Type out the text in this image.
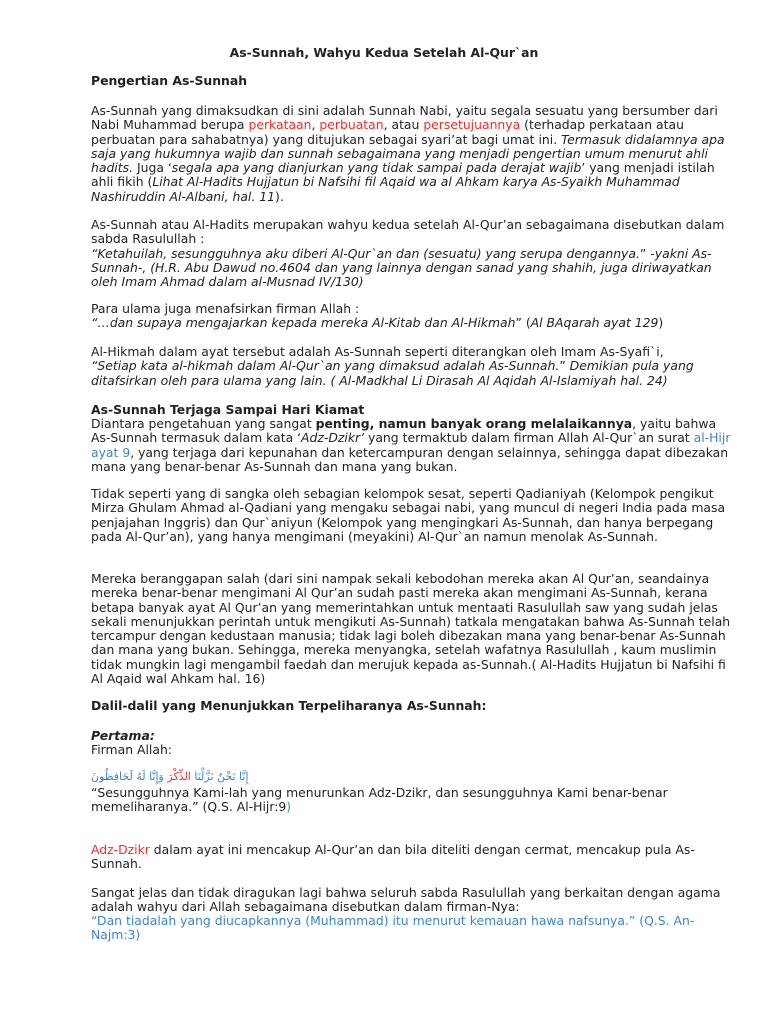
As-Sunnah, Wahyu Kedua Setelah Al-Qur`an
Pengertian As-Sunnah

As-Sunnah yang dimaksudkan di sini adalah Sunnah Nabi, yaitu segala sesuatu yang bersumber dari Nabi Muhammad berupa perkataan, perbuatan, atau persetujuannya (terhadap perkataan atau perbuatan para sahabatnya) yang ditujukan sebagai syari’at bagi umat ini. Termasuk didalamnya apa saja yang hukumnya wajib dan sunnah sebagaimana yang menjadi pengertian umum menurut ahli hadits. Juga ‘segala apa yang dianjurkan yang tidak sampai pada derajat wajib’ yang menjadi istilah ahli fikih (Lihat Al-Hadits Hujjatun bi Nafsihi fil Aqaid wa al Ahkam karya As-Syaikh Muhammad Nashiruddin Al-Albani, hal. 11).

As-Sunnah atau Al-Hadits merupakan wahyu kedua setelah Al-Qur’an sebagaimana disebutkan dalam sabda Rasulullah :
“Ketahuilah, sesungguhnya aku diberi Al-Qur`an dan (sesuatu) yang serupa dengannya.” -yakni As-Sunnah-, (H.R. Abu Dawud no.4604 dan yang lainnya dengan sanad yang shahih, juga diriwayatkan oleh Imam Ahmad dalam al-Musnad IV/130)

Para ulama juga menafsirkan firman Allah :
“…dan supaya mengajarkan kepada mereka Al-Kitab dan Al-Hikmah” (Al BAqarah ayat 129)

Al-Hikmah dalam ayat tersebut adalah As-Sunnah seperti diterangkan oleh Imam As-Syafi`i,
“Setiap kata al-hikmah dalam Al-Qur`an yang dimaksud adalah As-Sunnah.” Demikian pula yang ditafsirkan oleh para ulama yang lain. ( Al-Madkhal Li Dirasah Al Aqidah Al-Islamiyah hal. 24)

As-Sunnah Terjaga Sampai Hari Kiamat

Diantara pengetahuan yang sangat penting, namun banyak orang melalaikannya, yaitu bahwa As-Sunnah termasuk dalam kata ‘Adz-Dzikr’ yang termaktub dalam firman Allah Al-Qur`an surat al-Hijr ayat 9, yang terjaga dari kepunahan dan ketercampuran dengan selainnya, sehingga dapat dibezakan mana yang benar-benar As-Sunnah dan mana yang bukan.

Tidak seperti yang di sangka oleh sebagian kelompok sesat, seperti Qadianiyah (Kelompok pengikut Mirza Ghulam Ahmad al-Qadiani yang mengaku sebagai nabi, yang muncul di negeri India pada masa penjajahan Inggris) dan Qur`aniyun (Kelompok yang mengingkari As-Sunnah, dan hanya berpegang pada Al-Qur’an), yang hanya mengimani (meyakini) Al-Qur`an namun menolak As-Sunnah.

Mereka beranggapan salah (dari sini nampak sekali kebodohan mereka akan Al Qur’an, seandainya mereka benar-benar mengimani Al Qur’an sudah pasti mereka akan mengimani As-Sunnah, kerana betapa banyak ayat Al Qur’an yang memerintahkan untuk mentaati Rasulullah saw yang sudah jelas sekali menunjukkan perintah untuk mengikuti As-Sunnah) tatkala mengatakan bahwa As-Sunnah telah tercampur dengan kedustaan manusia; tidak lagi boleh dibezakan mana yang benar-benar As-Sunnah dan mana yang bukan. Sehingga, mereka menyangka, setelah wafatnya Rasulullah , kaum muslimin tidak mungkin lagi mengambil faedah dan merujuk kepada as-Sunnah.( Al-Hadits Hujjatun bi Nafsihi fi Al Aqaid wal Ahkam hal. 16)

Dalil-dalil yang Menunjukkan Terpeliharanya As-Sunnah:
Pertama:
Firman Allah:
إِنَّا نَحْنُ نَزَّلْنَا الذِّكْرَ وَإِنَّا لَهُ لَحَافِظُونَ

“Sesungguhnya Kami-lah yang menurunkan Adz-Dzikr, dan sesungguhnya Kami benar-benar memeliharanya.” (Q.S. Al-Hijr:9)

Adz-Dzikr dalam ayat ini mencakup Al-Qur’an dan bila diteliti dengan cermat, mencakup pula As-Sunnah.

Sangat jelas dan tidak diragukan lagi bahwa seluruh sabda Rasulullah yang berkaitan dengan agama adalah wahyu dari Allah sebagaimana disebutkan dalam firman-Nya:

“Dan tiadalah yang diucapkannya (Muhammad) itu menurut kemauan hawa nafsunya.” (Q.S. An-Najm:3)
